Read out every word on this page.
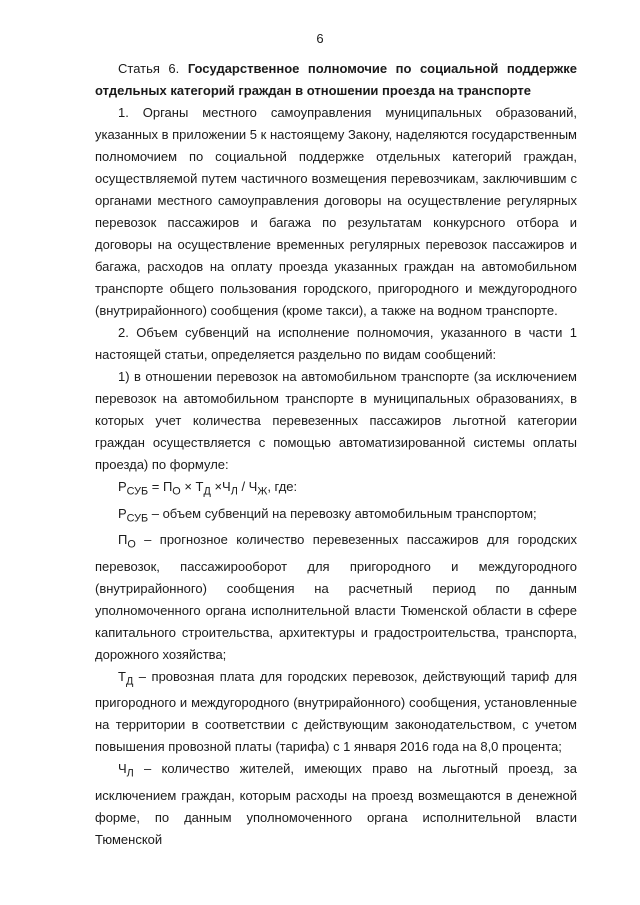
6

Статья 6. Государственное полномочие по социальной поддержке отдельных категорий граждан в отношении проезда на транспорте

1. Органы местного самоуправления муниципальных образований, указанных в приложении 5 к настоящему Закону, наделяются государственным полномочием по социальной поддержке отдельных категорий граждан, осуществляемой путем частичного возмещения перевозчикам, заключившим с органами местного самоуправления договоры на осуществление регулярных перевозок пассажиров и багажа по результатам конкурсного отбора и договоры на осуществление временных регулярных перевозок пассажиров и багажа, расходов на оплату проезда указанных граждан на автомобильном транспорте общего пользования городского, пригородного и междугородного (внутрирайонного) сообщения (кроме такси), а также на водном транспорте.

2. Объем субвенций на исполнение полномочия, указанного в части 1 настоящей статьи, определяется раздельно по видам сообщений:

1) в отношении перевозок на автомобильном транспорте (за исключением перевозок на автомобильном транспорте в муниципальных образованиях, в которых учет количества перевезенных пассажиров льготной категории граждан осуществляется с помощью автоматизированной системы оплаты проезда) по формуле:

$Р_{СУБ} = П_О \times Т_Д \times Ч_Л / Ч_Ж$, где:

$Р_{СУБ}$ – объем субвенций на перевозку автомобильным транспортом;

$П_О$ – прогнозное количество перевезенных пассажиров для городских перевозок, пассажирооборот для пригородного и междугородного (внутрирайонного) сообщения на расчетный период по данным уполномоченного органа исполнительной власти Тюменской области в сфере капитального строительства, архитектуры и градостроительства, транспорта, дорожного хозяйства;

$Т_Д$ – провозная плата для городских перевозок, действующий тариф для пригородного и междугородного (внутрирайонного) сообщения, установленные на территории в соответствии с действующим законодательством, с учетом повышения провозной платы (тарифа) с 1 января 2016 года на 8,0 процента;

$Ч_Л$ – количество жителей, имеющих право на льготный проезд, за исключением граждан, которым расходы на проезд возмещаются в денежной форме, по данным уполномоченного органа исполнительной власти Тюменской
